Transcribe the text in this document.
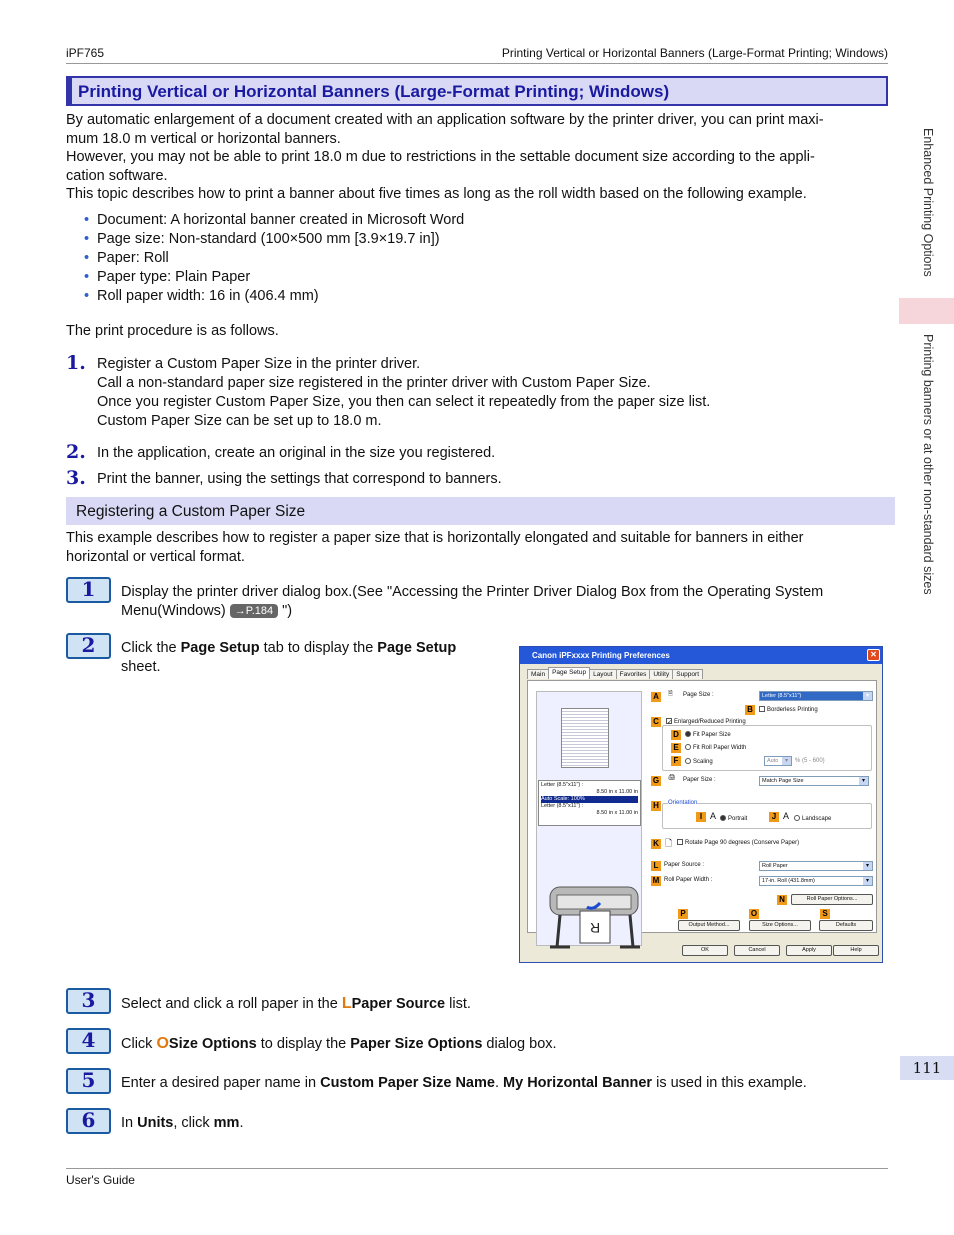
iPF765	Printing Vertical or Horizontal Banners (Large-Format Printing; Windows)
Printing Vertical or Horizontal Banners (Large-Format Printing; Windows)
By automatic enlargement of a document created with an application software by the printer driver, you can print maxi-
mum 18.0 m vertical or horizontal banners.
However, you may not be able to print 18.0 m due to restrictions in the settable document size according to the appli-
cation software.
This topic describes how to print a banner about five times as long as the roll width based on the following example.
• Document: A horizontal banner created in Microsoft Word
• Page size: Non-standard (100×500 mm [3.9×19.7 in])
• Paper: Roll
• Paper type: Plain Paper
• Roll paper width: 16 in (406.4 mm)
The print procedure is as follows.
1. Register a Custom Paper Size in the printer driver.
Call a non-standard paper size registered in the printer driver with Custom Paper Size.
Once you register Custom Paper Size, you then can select it repeatedly from the paper size list.
Custom Paper Size can be set up to 18.0 m.
2. In the application, create an original in the size you registered.
3. Print the banner, using the settings that correspond to banners.
Registering a Custom Paper Size
This example describes how to register a paper size that is horizontally elongated and suitable for banners in either
horizontal or vertical format.
1	Display the printer driver dialog box.(See "Accessing the Printer Driver Dialog Box from the Operating System
Menu(Windows) →P.184 ")
2	Click the Page Setup tab to display the Page Setup
sheet.
Canon iPFxxxx Printing Preferences	✕
Main Page Setup Layout Favorites Utility Support
Letter (8.5"x11") :
8.50 in x 11.00 in
Auto Scale: 100%
Letter (8.5"x11") :
8.50 in x 11.00 in
R
A	🗎 Page Size :	Letter (8.5"x11") ▾
B	Borderless Printing
C	✓ Enlarged/Reduced Printing
D	Fit Paper Size
E	Fit Roll Paper Width
F	Scaling	Auto ▾	% (5 - 600)
G	🖨 Paper Size :	Match Page Size ▾
H	Orientation
I A	Portrait	J A	Landscape
K 🗋	Rotate Page 90 degrees (Conserve Paper)
L Paper Source :	Roll Paper ▾
M Roll Paper Width :	17-in. Roll (431.8mm) ▾
N	Roll Paper Options...
P	O	S
Output Method...	Size Options...	Defaults
OK	Cancel	Apply	Help
3	Select and click a roll paper in the LPaper Source list.
4	Click OSize Options to display the Paper Size Options dialog box.
5	Enter a desired paper name in Custom Paper Size Name. My Horizontal Banner is used in this example.
6	In Units, click mm.
Enhanced Printing Options
Printing banners or at other non-standard sizes
111
User's Guide
